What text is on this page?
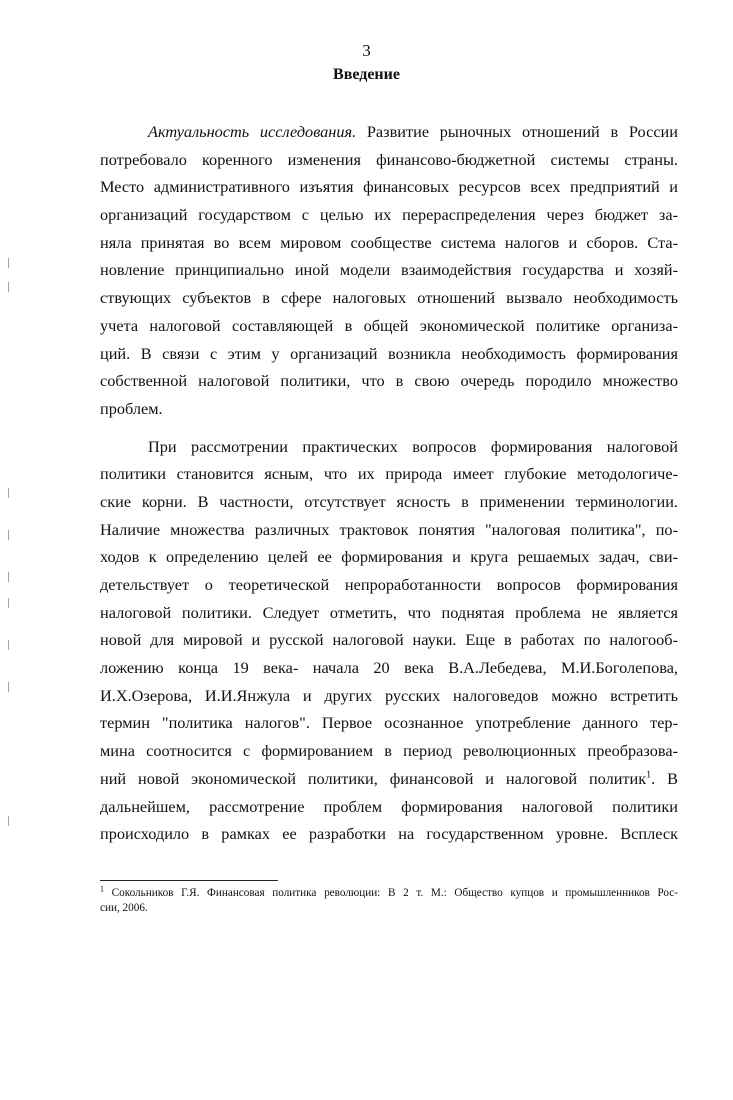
3
Введение
Актуальность исследования. Развитие рыночных отношений в России
потребовало коренного изменения финансово-бюджетной системы страны.
Место административного изъятия финансовых ресурсов всех предприятий и
организаций государством с целью их перераспределения через бюджет за-
няла принятая во всем мировом сообществе система налогов и сборов. Ста-
новление принципиально иной модели взаимодействия государства и хозяй-
ствующих субъектов в сфере налоговых отношений вызвало необходимость
учета налоговой составляющей в общей экономической политике организа-
ций. В связи с этим у организаций возникла необходимость формирования
собственной налоговой политики, что в свою очередь породило множество
проблем.
При рассмотрении практических вопросов формирования налоговой
политики становится ясным, что их природа имеет глубокие методологиче-
ские корни. В частности, отсутствует ясность в применении терминологии.
Наличие множества различных трактовок понятия "налоговая политика", по-
ходов к определению целей ее формирования и круга решаемых задач, сви-
детельствует о теоретической непроработанности вопросов формирования
налоговой политики. Следует отметить, что поднятая проблема не является
новой для мировой и русской налоговой науки. Еще в работах по налогооб-
ложению конца 19 века- начала 20 века В.А.Лебедева, М.И.Боголепова,
И.Х.Озерова, И.И.Янжула и других русских налоговедов можно встретить
термин "политика налогов". Первое осознанное употребление данного тер-
мина соотносится с формированием в период революционных преобразова-
ний новой экономической политики, финансовой и налоговой политик$^1$. В
дальнейшем, рассмотрение проблем формирования налоговой политики
происходило в рамках ее разработки на государственном уровне. Всплеск
$^1$ Сокольников Г.Я. Финансовая политика революции: В 2 т. М.: Общество купцов и промышленников Рос-
сии, 2006.
